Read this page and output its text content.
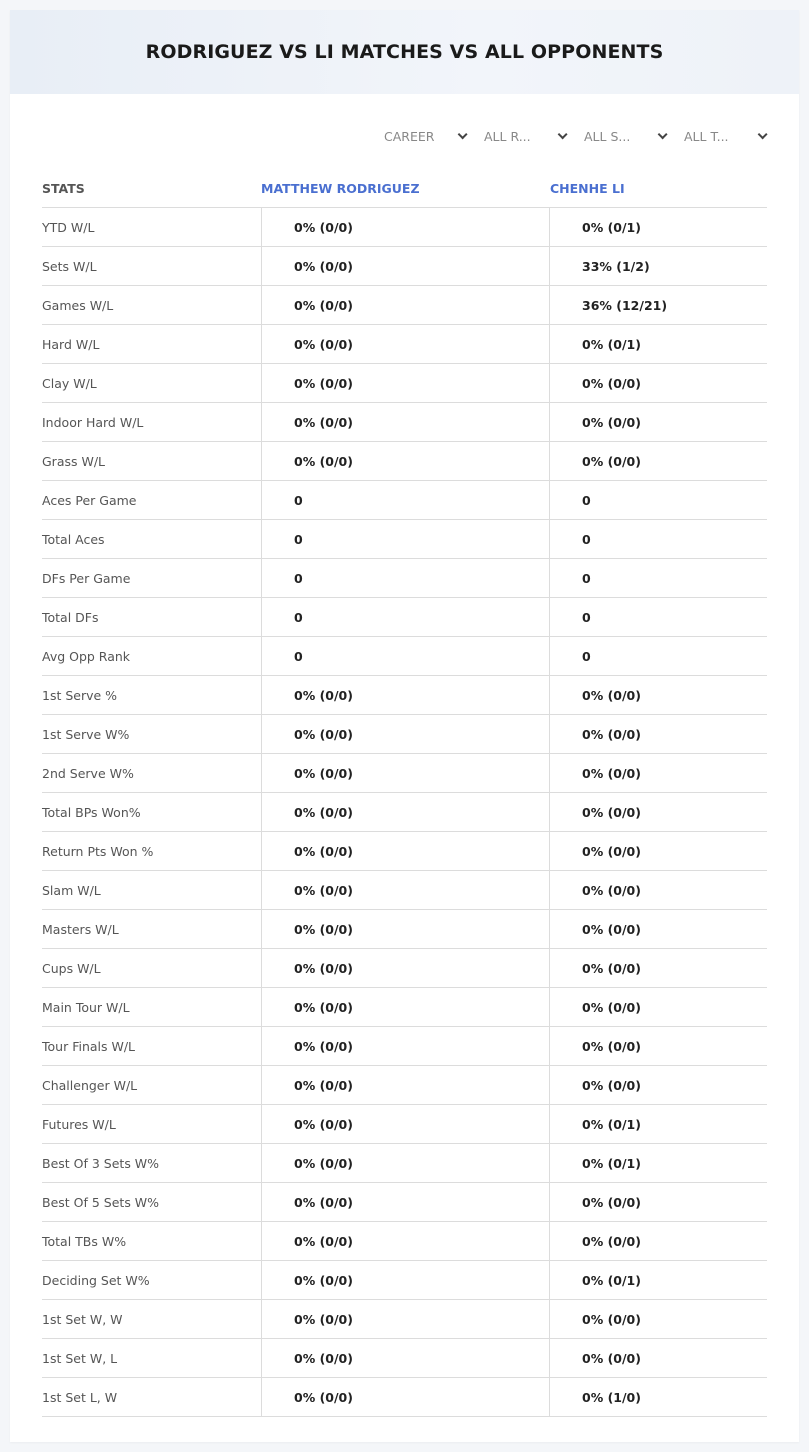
RODRIGUEZ VS LI MATCHES VS ALL OPPONENTS
CAREER	ALL R...	ALL S...	ALL T...
STATS	MATTHEW RODRIGUEZ	CHENHE LI
YTD W/L	0% (0/0)	0% (0/1)
Sets W/L	0% (0/0)	33% (1/2)
Games W/L	0% (0/0)	36% (12/21)
Hard W/L	0% (0/0)	0% (0/1)
Clay W/L	0% (0/0)	0% (0/0)
Indoor Hard W/L	0% (0/0)	0% (0/0)
Grass W/L	0% (0/0)	0% (0/0)
Aces Per Game	0	0
Total Aces	0	0
DFs Per Game	0	0
Total DFs	0	0
Avg Opp Rank	0	0
1st Serve %	0% (0/0)	0% (0/0)
1st Serve W%	0% (0/0)	0% (0/0)
2nd Serve W%	0% (0/0)	0% (0/0)
Total BPs Won%	0% (0/0)	0% (0/0)
Return Pts Won %	0% (0/0)	0% (0/0)
Slam W/L	0% (0/0)	0% (0/0)
Masters W/L	0% (0/0)	0% (0/0)
Cups W/L	0% (0/0)	0% (0/0)
Main Tour W/L	0% (0/0)	0% (0/0)
Tour Finals W/L	0% (0/0)	0% (0/0)
Challenger W/L	0% (0/0)	0% (0/0)
Futures W/L	0% (0/0)	0% (0/1)
Best Of 3 Sets W%	0% (0/0)	0% (0/1)
Best Of 5 Sets W%	0% (0/0)	0% (0/0)
Total TBs W%	0% (0/0)	0% (0/0)
Deciding Set W%	0% (0/0)	0% (0/1)
1st Set W, W	0% (0/0)	0% (0/0)
1st Set W, L	0% (0/0)	0% (0/0)
1st Set L, W	0% (0/0)	0% (1/0)
